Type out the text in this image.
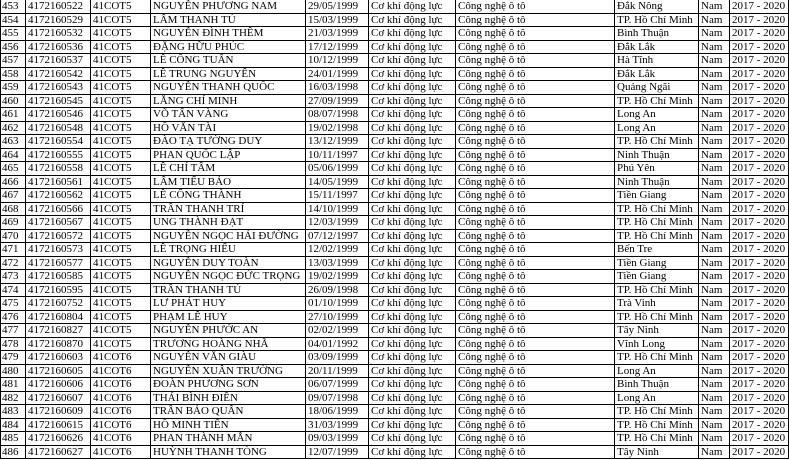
453	4172160522	41COT5	NGUYỄN PHƯƠNG NAM	29/05/1999	Cơ khí động lực	Công nghệ ô tô	Đắk Nông	Nam	2017 - 2020
454	4172160529	41COT5	LÂM THANH TÚ	15/03/1999	Cơ khí động lực	Công nghệ ô tô	TP. Hồ Chí Minh	Nam	2017 - 2020
455	4172160532	41COT5	NGUYỄN ĐÌNH THÊM	21/03/1999	Cơ khí động lực	Công nghệ ô tô	Bình Thuận	Nam	2017 - 2020
456	4172160536	41COT5	ĐẶNG HỮU PHÚC	17/12/1999	Cơ khí động lực	Công nghệ ô tô	Đắk Lắk	Nam	2017 - 2020
457	4172160537	41COT5	LÊ CÔNG TUẤN	10/12/1999	Cơ khí động lực	Công nghệ ô tô	Hà Tĩnh	Nam	2017 - 2020
458	4172160542	41COT5	LÊ TRUNG NGUYÊN	24/01/1999	Cơ khí động lực	Công nghệ ô tô	Đắk Lắk	Nam	2017 - 2020
459	4172160543	41COT5	NGUYỄN THANH QUỐC	16/03/1998	Cơ khí động lực	Công nghệ ô tô	Quảng Ngãi	Nam	2017 - 2020
460	4172160545	41COT5	LĂNG CHÍ MINH	27/09/1999	Cơ khí động lực	Công nghệ ô tô	TP. Hồ Chí Minh	Nam	2017 - 2020
461	4172160546	41COT5	VÕ TẤN VÀNG	08/07/1998	Cơ khí động lực	Công nghệ ô tô	Long An	Nam	2017 - 2020
462	4172160548	41COT5	HỒ VĂN TÀI	19/02/1998	Cơ khí động lực	Công nghệ ô tô	Long An	Nam	2017 - 2020
463	4172160554	41COT5	ĐÀO TẠ TƯỜNG DUY	13/12/1999	Cơ khí động lực	Công nghệ ô tô	TP. Hồ Chí Minh	Nam	2017 - 2020
464	4172160555	41COT5	PHAN QUỐC LẬP	10/11/1997	Cơ khí động lực	Công nghệ ô tô	Ninh Thuận	Nam	2017 - 2020
465	4172160558	41COT5	LÊ CHÍ TÂM	05/06/1999	Cơ khí động lực	Công nghệ ô tô	Phú Yên	Nam	2017 - 2020
466	4172160561	41COT5	LÂM TIỂU BẢO	14/05/1999	Cơ khí động lực	Công nghệ ô tô	Ninh Thuận	Nam	2017 - 2020
467	4172160562	41COT5	LÊ CÔNG THÀNH	15/11/1997	Cơ khí động lực	Công nghệ ô tô	Tiền Giang	Nam	2017 - 2020
468	4172160566	41COT5	TRẦN THANH TRÍ	14/10/1999	Cơ khí động lực	Công nghệ ô tô	TP. Hồ Chí Minh	Nam	2017 - 2020
469	4172160567	41COT5	UNG THÀNH ĐẠT	12/03/1999	Cơ khí động lực	Công nghệ ô tô	TP. Hồ Chí Minh	Nam	2017 - 2020
470	4172160572	41COT5	NGUYỄN NGỌC HẢI ĐƯỜNG	07/12/1997	Cơ khí động lực	Công nghệ ô tô	TP. Hồ Chí Minh	Nam	2017 - 2020
471	4172160573	41COT5	LÊ TRỌNG HIẾU	12/02/1999	Cơ khí động lực	Công nghệ ô tô	Bến Tre	Nam	2017 - 2020
472	4172160577	41COT5	NGUYỄN DUY TOÀN	13/03/1999	Cơ khí động lực	Công nghệ ô tô	Tiền Giang	Nam	2017 - 2020
473	4172160585	41COT5	NGUYỄN NGỌC ĐỨC TRỌNG	19/02/1999	Cơ khí động lực	Công nghệ ô tô	Tiền Giang	Nam	2017 - 2020
474	4172160595	41COT5	TRẦN THANH TÚ	26/09/1998	Cơ khí động lực	Công nghệ ô tô	TP. Hồ Chí Minh	Nam	2017 - 2020
475	4172160752	41COT5	LƯ PHÁT HUY	01/10/1999	Cơ khí động lực	Công nghệ ô tô	Trà Vinh	Nam	2017 - 2020
476	4172160804	41COT5	PHẠM LÊ HUY	27/10/1999	Cơ khí động lực	Công nghệ ô tô	TP. Hồ Chí Minh	Nam	2017 - 2020
477	4172160827	41COT5	NGUYỄN PHƯỚC AN	02/02/1999	Cơ khí động lực	Công nghệ ô tô	Tây Ninh	Nam	2017 - 2020
478	4172160870	41COT5	TRƯƠNG HOÀNG NHÃ	04/01/1992	Cơ khí động lực	Công nghệ ô tô	Vĩnh Long	Nam	2017 - 2020
479	4172160603	41COT6	NGUYỄN VĂN GIÀU	03/09/1999	Cơ khí động lực	Công nghệ ô tô	TP. Hồ Chí Minh	Nam	2017 - 2020
480	4172160605	41COT6	NGUYỄN XUÂN TRƯỜNG	20/11/1999	Cơ khí động lực	Công nghệ ô tô	Long An	Nam	2017 - 2020
481	4172160606	41COT6	ĐOÀN PHƯƠNG SƠN	06/07/1999	Cơ khí động lực	Công nghệ ô tô	Bình Thuận	Nam	2017 - 2020
482	4172160607	41COT6	THÁI BÌNH ĐIỀN	09/07/1998	Cơ khí động lực	Công nghệ ô tô	Long An	Nam	2017 - 2020
483	4172160609	41COT6	TRẦN BẢO QUÂN	18/06/1999	Cơ khí động lực	Công nghệ ô tô	TP. Hồ Chí Minh	Nam	2017 - 2020
484	4172160615	41COT6	HỒ MINH TIẾN	31/03/1999	Cơ khí động lực	Công nghệ ô tô	TP. Hồ Chí Minh	Nam	2017 - 2020
485	4172160626	41COT6	PHAN THÀNH MẪN	09/03/1999	Cơ khí động lực	Công nghệ ô tô	TP. Hồ Chí Minh	Nam	2017 - 2020
486	4172160627	41COT6	HUỲNH THANH TÒNG	12/07/1999	Cơ khí động lực	Công nghệ ô tô	Tây Ninh	Nam	2017 - 2020
